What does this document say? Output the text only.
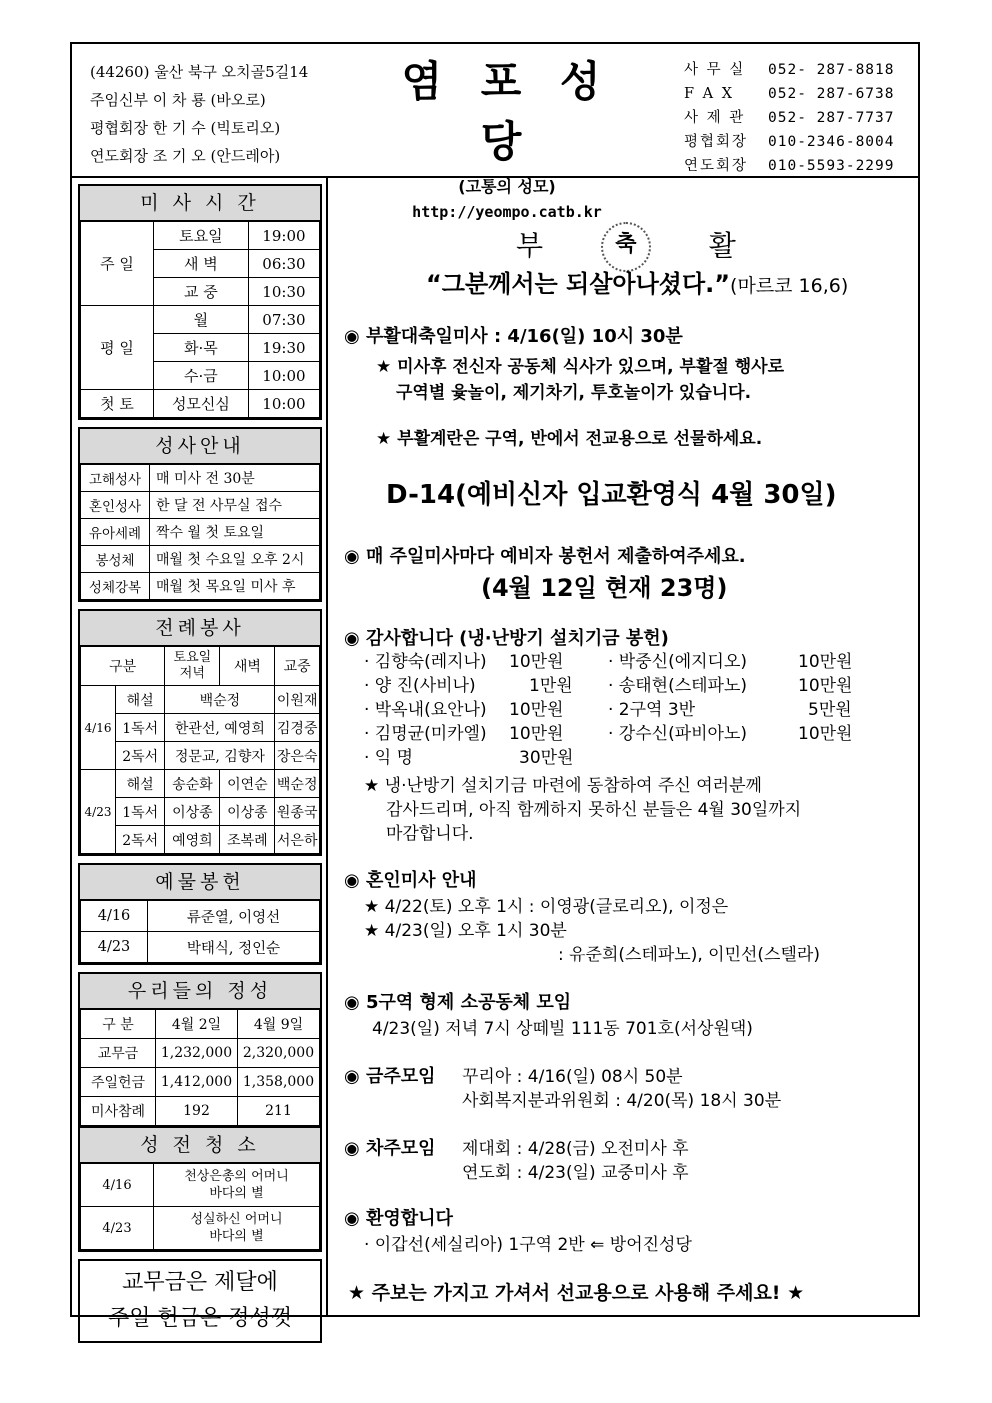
(44260) 울산 북구 오치골5길14
주임신부 이 차 룡 (바오로)
평협회장 한 기 수 (빅토리오)
연도회장 조 기 오 (안드레아)
염 포 성 당
(고통의 성모)
http://yeompo.catb.kr
사 무 실	052- 287-8818
F A X	052- 287-6738
사 제 관	052- 287-7737
평협회장	010-2346-8004
연도회장	010-5593-2299
미 사 시 간
주 일	토요일	19:00
	새 벽	06:30
	교 중	10:30
평 일	월	07:30
	화·목	19:30
	수·금	10:00
첫 토	성모신심	10:00
성사안내
고해성사	매 미사 전 30분
혼인성사	한 달 전 사무실 접수
유아세례	짝수 월 첫 토요일
봉성체	매월 첫 수요일 오후 2시
성체강복	매월 첫 목요일 미사 후
전례봉사
구분		토요일 저녁	새벽	교중
4/16	해설	백순정		이원재
	1독서	한관선, 예영희		김경중
	2독서	정문교, 김향자		장은숙
4/23	해설	송순화	이연순	백순정
	1독서	이상종	이상종	원종국
	2독서	예영희	조복례	서은하
예물봉헌
4/16	류준열, 이영선
4/23	박태식, 정인순
우리들의 정성
구 분	4월 2일	4월 9일
교무금	1,232,000	2,320,000
주일헌금	1,412,000	1,358,000
미사참례	192	211
성 전 청 소
4/16	천상은총의 어머니
바다의 별

4/23	성실하신 어머니
바다의 별
교무금은 제달에
주일 헌금은 정성껏
부	축	활
“그분께서는 되살아나셨다.”(마르코 16,6)
◉ 부활대축일미사 : 4/16(일) 10시 30분
★ 미사후 전신자 공동체 식사가 있으며, 부활절 행사로
구역별 윷놀이, 제기차기, 투호놀이가 있습니다.
★ 부활계란은 구역, 반에서 전교용으로 선물하세요.
D-14(예비신자 입교환영식 4월 30일)
◉ 매 주일미사마다 예비자 봉헌서 제출하여주세요.
(4월 12일 현재 23명)
◉ 감사합니다 (냉·난방기 설치기금 봉헌)
· 김향숙(레지나) 10만원
· 양 진(사비나)	1만원
· 박옥내(요안나) 10만원
· 김명균(미카엘) 10만원
· 익 명	30만원
· 박중신(에지디오)	10만원
· 송태현(스테파노)	10만원
· 2구역 3반	5만원
· 강수신(파비아노)	10만원
★ 냉·난방기 설치기금 마련에 동참하여 주신 여러분께
감사드리며, 아직 함께하지 못하신 분들은 4월 30일까지
마감합니다.
◉ 혼인미사 안내
★ 4/22(토) 오후 1시 : 이영광(글로리오), 이정은
★ 4/23(일) 오후 1시 30분
: 유준희(스테파노), 이민선(스텔라)
◉ 5구역 형제 소공동체 모임
4/23(일) 저녁 7시 상떼빌 111동 701호(서상원댁)
◉ 금주모임 꾸리아 : 4/16(일) 08시 50분
사회복지분과위원회 : 4/20(목) 18시 30분
◉ 차주모임 제대회 : 4/28(금) 오전미사 후
연도회 : 4/23(일) 교중미사 후
◉ 환영합니다
· 이갑선(세실리아) 1구역 2반 ⇐ 방어진성당
★ 주보는 가지고 가셔서 선교용으로 사용해 주세요! ★
